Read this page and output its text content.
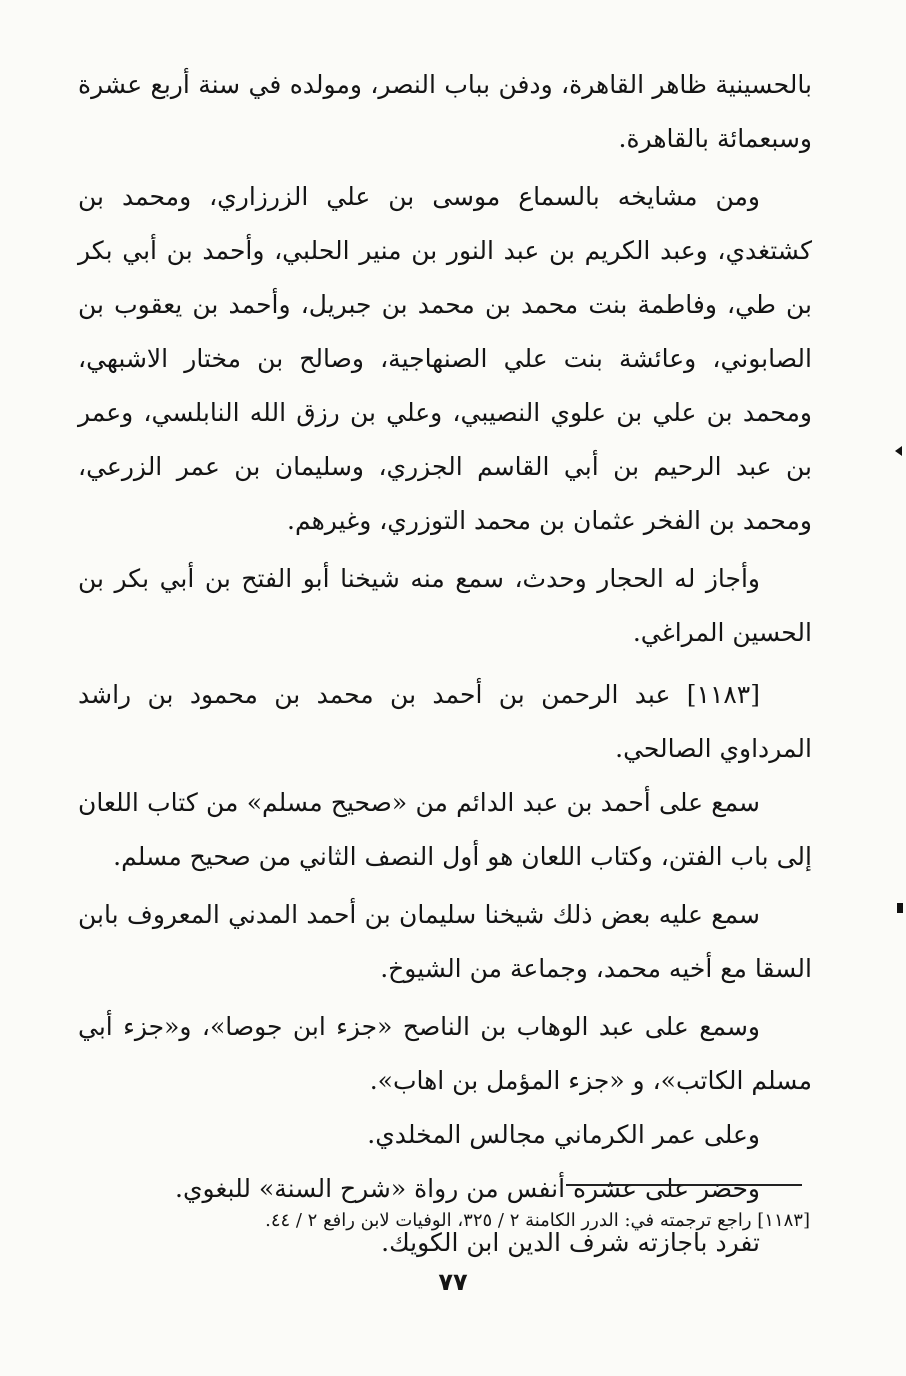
بالحسينية ظاهر القاهرة، ودفن بباب النصر، ومولده في سنة أربع عشرة وسبعمائة بالقاهرة.

ومن مشايخه بالسماع موسى بن علي الزرزاري، ومحمد بن كشتغدي، وعبد الكريم بن عبد النور بن منير الحلبي، وأحمد بن أبي بكر بن طي، وفاطمة بنت محمد بن محمد بن جبريل، وأحمد بن يعقوب بن الصابوني، وعائشة بنت علي الصنهاجية، وصالح بن مختار الاشبهي، ومحمد بن علي بن علوي النصيبي، وعلي بن رزق الله النابلسي، وعمر بن عبد الرحيم بن أبي القاسم الجزري، وسليمان بن عمر الزرعي، ومحمد بن الفخر عثمان بن محمد التوزري، وغيرهم.

وأجاز له الحجار وحدث، سمع منه شيخنا أبو الفتح بن أبي بكر بن الحسين المراغي.

[١١٨٣] عبد الرحمن بن أحمد بن محمد بن محمود بن راشد المرداوي الصالحي.

سمع على أحمد بن عبد الدائم من «صحيح مسلم» من كتاب اللعان إلى باب الفتن، وكتاب اللعان هو أول النصف الثاني من صحيح مسلم.

سمع عليه بعض ذلك شيخنا سليمان بن أحمد المدني المعروف بابن السقا مع أخيه محمد، وجماعة من الشيوخ.

وسمع على عبد الوهاب بن الناصح «جزء ابن جوصا»، و«جزء أبي مسلم الكاتب»، و «جزء المؤمل بن اهاب».

وعلى عمر الكرماني مجالس المخلدي.

وحضر على عشرة أنفس من رواة «شرح السنة» للبغوي.

تفرد باجازته شرف الدين ابن الكويك.

[١١٨٣] راجع ترجمته في: الدرر الكامنة ٢ / ٣٢٥، الوفيات لابن رافع ٢ / ٤٤.
٧٧
